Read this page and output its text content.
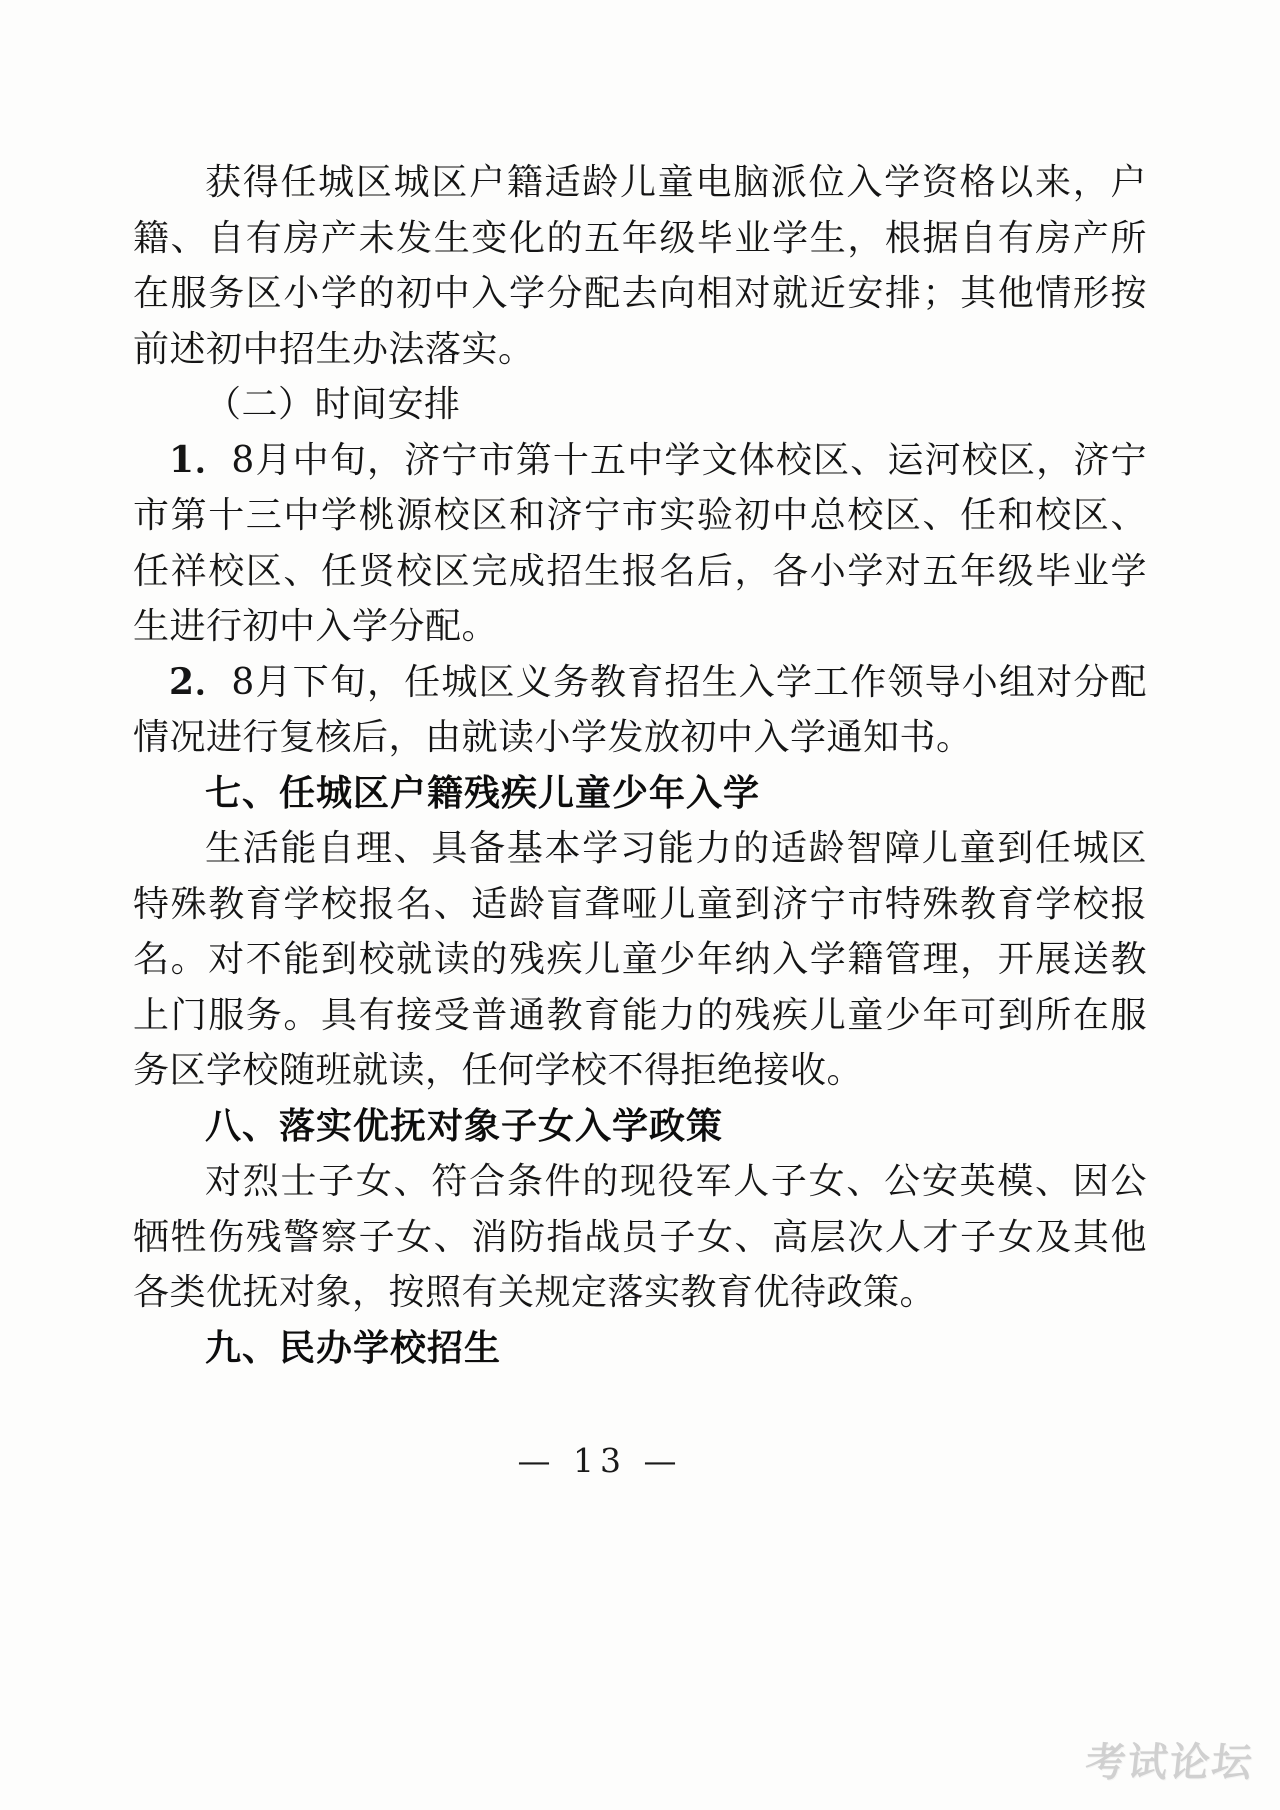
获得任城区城区户籍适龄儿童电脑派位入学资格以来，户籍、自有房产未发生变化的五年级毕业学生，根据自有房产所在服务区小学的初中入学分配去向相对就近安排；其他情形按前述初中招生办法落实。

（二）时间安排

1．8月中旬，济宁市第十五中学文体校区、运河校区，济宁市第十三中学桃源校区和济宁市实验初中总校区、任和校区、任祥校区、任贤校区完成招生报名后，各小学对五年级毕业学生进行初中入学分配。

2．8月下旬，任城区义务教育招生入学工作领导小组对分配情况进行复核后，由就读小学发放初中入学通知书。

七、任城区户籍残疾儿童少年入学

生活能自理、具备基本学习能力的适龄智障儿童到任城区特殊教育学校报名、适龄盲聋哑儿童到济宁市特殊教育学校报名。对不能到校就读的残疾儿童少年纳入学籍管理，开展送教上门服务。具有接受普通教育能力的残疾儿童少年可到所在服务区学校随班就读，任何学校不得拒绝接收。

八、落实优抚对象子女入学政策

对烈士子女、符合条件的现役军人子女、公安英模、因公牺牲伤残警察子女、消防指战员子女、高层次人才子女及其他各类优抚对象，按照有关规定落实教育优待政策。

九、民办学校招生

— 13 —
考试论坛
